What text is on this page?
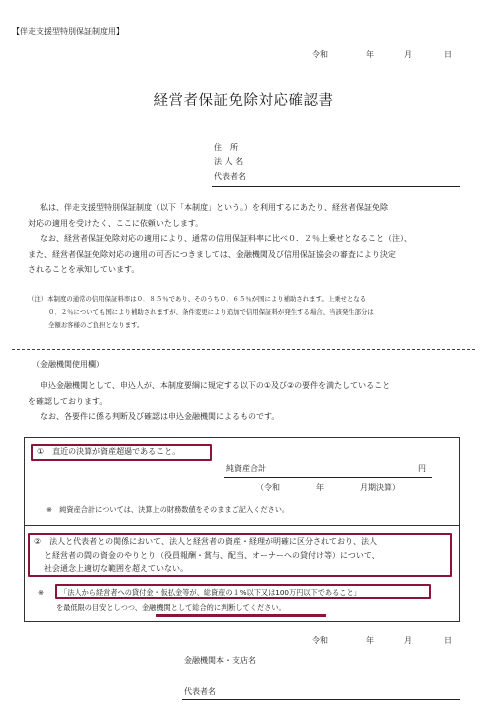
【伴走支援型特別保証制度用】
令和	年	月	日
経営者保証免除対応確認書
住　所
法 人 名
代表者名
私は、伴走支援型特別保証制度（以下「本制度」という。）を利用するにあたり、経営者保証免除
対応の適用を受けたく、ここに依頼いたします。
なお、経営者保証免除対応の適用により、通常の信用保証料率に比べ０．２％上乗せとなること（注）、
また、経営者保証免除対応の適用の可否につきましては、金融機関及び信用保証協会の審査により決定
されることを承知しています。
（注）本制度の通常の信用保証料率は０．８５％であり、そのうち０．６５％が国により補助されます。上乗せとなる
０．２％についても国により補助されますが、条件変更により追加で信用保証料が発生する場合、当該発生部分は
全額お客様のご負担となります。
（金融機関使用欄）
申込金融機関として、申込人が、本制度要綱に規定する以下の①及び②の要件を満たしていること
を確認しております。
なお、各要件に係る判断及び確認は申込金融機関によるものです。
①　直近の決算が資産超過であること。
純資産合計	円
（令和	年	月期決算）
※　純資産合計については、決算上の財務数値をそのままご記入ください。
②　法人と代表者との関係において、法人と経営者の資産・経理が明確に区分されており、法人
と経営者の間の資金のやりとり（役員報酬・賞与、配当、オーナーへの貸付け等）について、
社会通念上適切な範囲を超えていない。
※ 「法人から経営者への貸付金・仮払金等が、総資産の１%以下又は100万円以下であること」
を最低限の目安としつつ、金融機関として総合的に判断してください。
令和	年	月	日
金融機関本・支店名
代表者名
